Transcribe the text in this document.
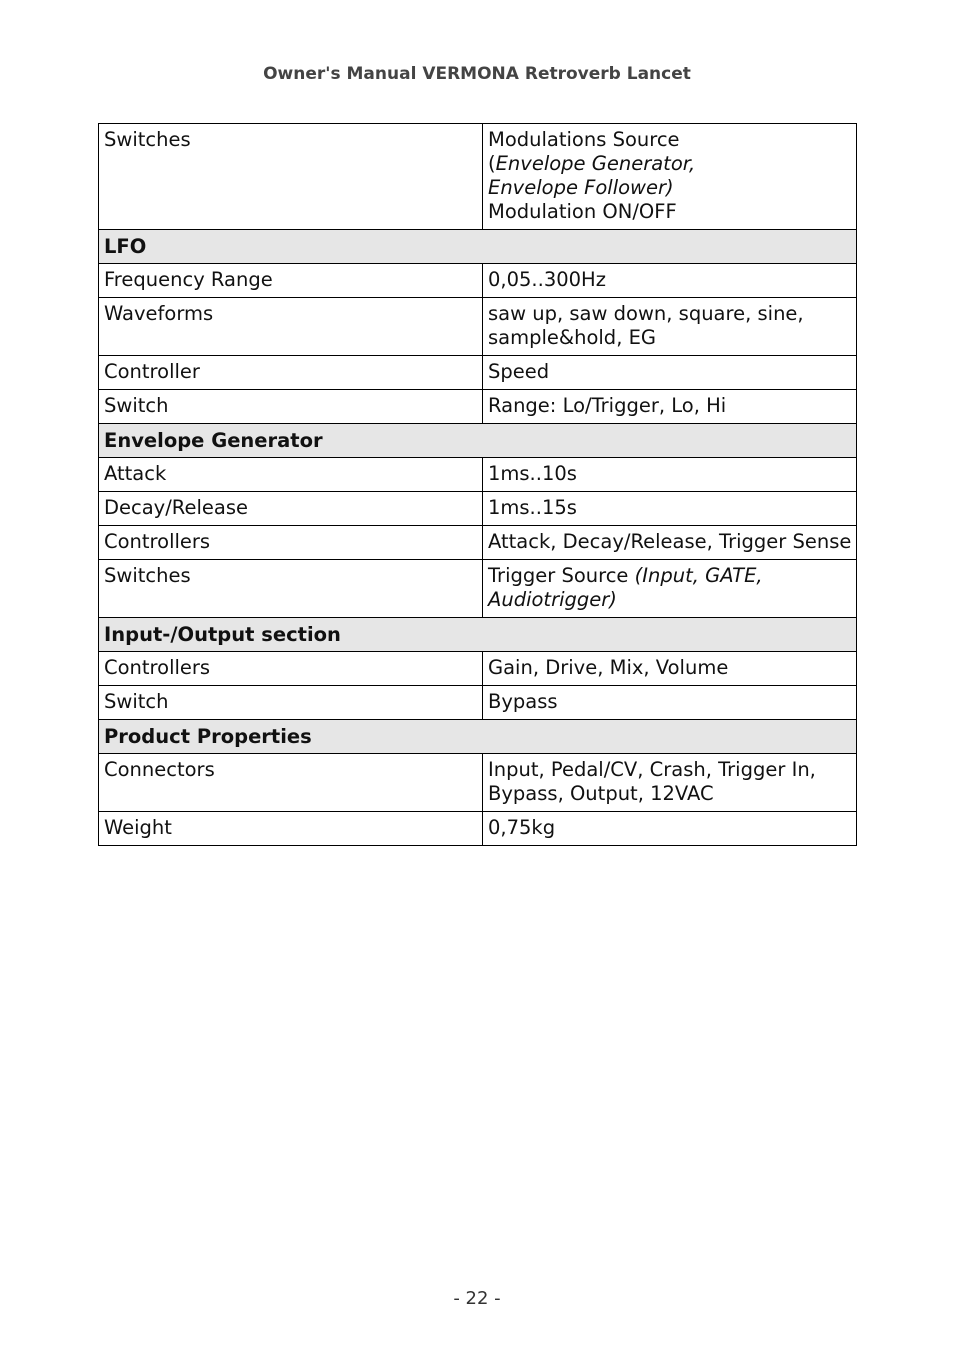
Owner's Manual VERMONA Retroverb Lancet
Switches	Modulations Source
(Envelope Generator,
Envelope Follower)
Modulation ON/OFF

LFO	
Frequency Range	0,05..300Hz
Waveforms	saw up, saw down, square, sine, sample&hold, EG
Controller	Speed
Switch	Range: Lo/Trigger, Lo, Hi
Envelope Generator	
Attack	1ms..10s
Decay/Release	1ms..15s
Controllers	Attack, Decay/Release, Trigger Sense
Switches	Trigger Source (Input, GATE, Audiotrigger)
Input-/Output section	
Controllers	Gain, Drive, Mix, Volume
Switch	Bypass
Product Properties	
Connectors	Input, Pedal/CV, Crash, Trigger In, Bypass, Output, 12VAC
Weight	0,75kg
- 22 -
